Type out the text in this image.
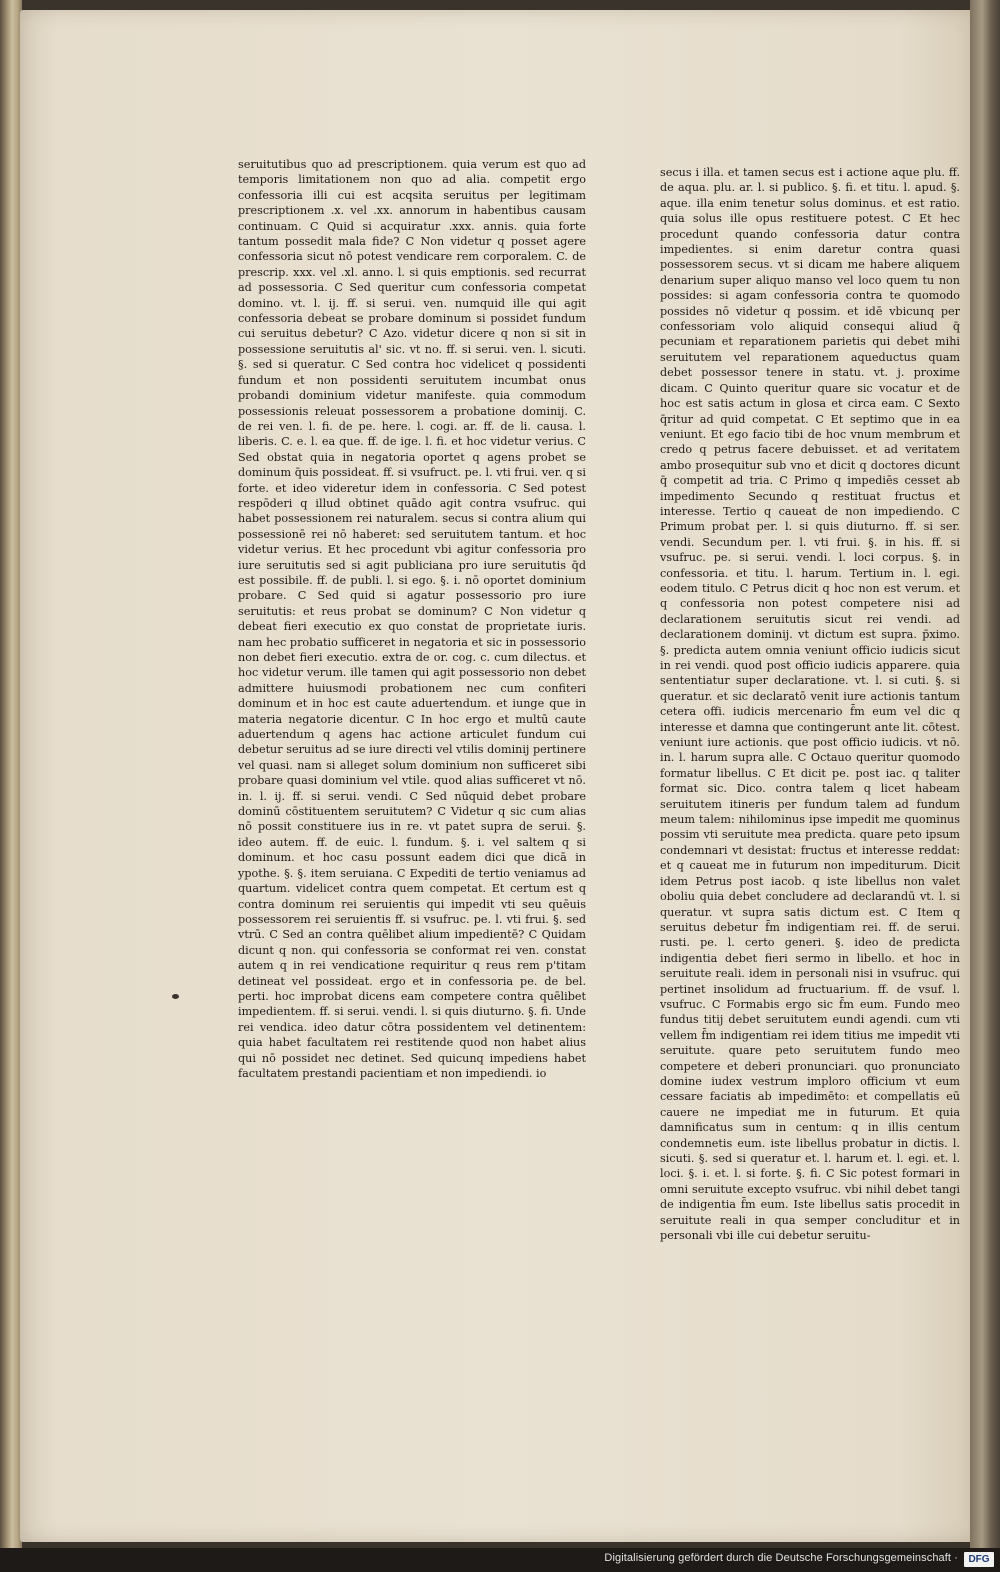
seruitutibus quo ad prescriptionem. quia verum est quo ad temporis limitationem non quo ad alia. competit ergo confessoria illi cui est acqsita seruitus per legitimam prescriptionem .x. vel .xx. annorum in habentibus causam continuam. C Quid si acquiratur .xxx. annis. quia forte tantum possedit mala fide? C Non videtur q posset agere confessoria sicut nō potest vendicare rem corporalem. C. de prescrip. xxx. vel .xl. anno. l. si quis emptionis. sed recurrat ad possessoria. C Sed queritur cum confessoria competat domino. vt. l. ij. ff. si serui. ven. numquid ille qui agit confessoria debeat se probare dominum si possidet fundum cui seruitus debetur? C Azo. videtur dicere q non si sit in possessione seruitutis al' sic. vt no. ff. si serui. ven. l. sicuti. §. sed si queratur. C Sed contra hoc videlicet q possidenti fundum et non possidenti seruitutem incumbat onus probandi dominium videtur manifeste. quia commodum possessionis releuat possessorem a probatione dominij. C. de rei ven. l. fi. de pe. here. l. cogi. ar. ff. de li. causa. l. liberis. C. e. l. ea que. ff. de ige. l. fi. et hoc videtur verius. C Sed obstat quia in negatoria oportet q agens probet se dominum q̄uis possideat. ff. si vsufruct. pe. l. vti frui. ver. q si forte. et ideo videretur idem in confessoria. C Sed potest respōderi q illud obtinet quādo agit contra vsufruc. qui habet possessionem rei naturalem. secus si contra alium qui possessionē rei nō haberet: sed seruitutem tantum. et hoc videtur verius. Et hec procedunt vbi agitur confessoria pro iure seruitutis sed si agit publiciana pro iure seruitutis q̄d est possibile. ff. de publi. l. si ego. §. i. nō oportet dominium probare. C Sed quid si agatur possessorio pro iure seruitutis: et reus probat se dominum? C Non videtur q debeat fieri executio ex quo constat de proprietate iuris. nam hec probatio sufficeret in negatoria et sic in possessorio non debet fieri executio. extra de or. cog. c. cum dilectus. et hoc videtur verum. ille tamen qui agit possessorio non debet admittere huiusmodi probationem nec cum confiteri dominum et in hoc est caute aduertendum. et iunge que in materia negatorie dicentur. C In hoc ergo et multū caute aduertendum q agens hac actione articulet fundum cui debetur seruitus ad se iure directi vel vtilis dominij pertinere vel quasi. nam si alleget solum dominium non sufficeret sibi probare quasi dominium vel vtile. quod alias sufficeret vt nō. in. l. ij. ff. si serui. vendi. C Sed nūquid debet probare dominū cōstituentem seruitutem? C Videtur q sic cum alias nō possit constituere ius in re. vt patet supra de serui. §. ideo autem. ff. de euic. l. fundum. §. i. vel saltem q si dominum. et hoc casu possunt eadem dici que dicā in ypothe. §. §. item seruiana. C Expediti de tertio veniamus ad quartum. videlicet contra quem competat. Et certum est q contra dominum rei seruientis qui impedit vti seu quēuis possessorem rei seruientis ff. si vsufruc. pe. l. vti frui. §. sed vtrū. C Sed an contra quēlibet alium impedientē? C Quidam dicunt q non. qui confessoria se conformat rei ven. constat autem q in rei vendicatione requiritur q reus rem p'titam detineat vel possideat. ergo et in confessoria pe. de bel. perti. hoc improbat dicens eam competere contra quēlibet impedientem. ff. si serui. vendi. l. si quis diuturno. §. fi. Unde rei vendica. ideo datur cōtra possidentem vel detinentem: quia habet facultatem rei restitende quod non habet alius qui nō possidet nec detinet. Sed quicunq impediens habet facultatem prestandi pacientiam et non impediendi. io
secus i illa. et tamen secus est i actione aque plu. ff. de aqua. plu. ar. l. si publico. §. fi. et titu. l. apud. §. aque. illa enim tenetur solus dominus. et est ratio. quia solus ille opus restituere potest. C Et hec procedunt quando confessoria datur contra impedientes. si enim daretur contra quasi possessorem secus. vt si dicam me habere aliquem denarium super aliquo manso vel loco quem tu non possides: si agam confessoria contra te quomodo possides nō videtur q possim. et idē vbicunq per confessoriam volo aliquid consequi aliud q̄ pecuniam et reparationem parietis qui debet mihi seruitutem vel reparationem aqueductus quam debet possessor tenere in statu. vt. j. proxime dicam. C Quinto queritur quare sic vocatur et de hoc est satis actum in glosa et circa eam. C Sexto q̄ritur ad quid competat. C Et septimo que in ea veniunt. Et ego facio tibi de hoc vnum membrum et credo q petrus facere debuisset. et ad veritatem ambo prosequitur sub vno et dicit q doctores dicunt q̄ competit ad tria. C Primo q impediēs cesset ab impedimento Secundo q restituat fructus et interesse. Tertio q caueat de non impediendo. C Primum probat per. l. si quis diuturno. ff. si ser. vendi. Secundum per. l. vti frui. §. in his. ff. si vsufruc. pe. si serui. vendi. l. loci corpus. §. in confessoria. et titu. l. harum. Tertium in. l. egi. eodem titulo. C Petrus dicit q hoc non est verum. et q confessoria non potest competere nisi ad declarationem seruitutis sicut rei vendi. ad declarationem dominij. vt dictum est supra. p̄ximo. §. predicta autem omnia veniunt officio iudicis sicut in rei vendi. quod post officio iudicis apparere. quia sententiatur super declaratione. vt. l. si cuti. §. si queratur. et sic declaratō venit iure actionis tantum cetera offi. iudicis mercenario f̄m eum vel dic q interesse et damna que contingerunt ante lit. cōtest. veniunt iure actionis. que post officio iudicis. vt nō. in. l. harum supra alle. C Octauo queritur quomodo formatur libellus. C Et dicit pe. post iac. q taliter format sic. Dico. contra talem q licet habeam seruitutem itineris per fundum talem ad fundum meum talem: nihilominus ipse impedit me quominus possim vti seruitute mea predicta. quare peto ipsum condemnari vt desistat: fructus et interesse reddat: et q caueat me in futurum non impediturum. Dicit idem Petrus post iacob. q iste libellus non valet oboliu quia debet concludere ad declarandū vt. l. si queratur. vt supra satis dictum est. C Item q seruitus debetur f̄m indigentiam rei. ff. de serui. rusti. pe. l. certo generi. §. ideo de predicta indigentia debet fieri sermo in libello. et hoc in seruitute reali. idem in personali nisi in vsufruc. qui pertinet insolidum ad fructuarium. ff. de vsuf. l. vsufruc. C Formabis ergo sic f̄m eum. Fundo meo fundus titij debet seruitutem eundi agendi. cum vti vellem f̄m indigentiam rei idem titius me impedit vti seruitute. quare peto seruitutem fundo meo competere et deberi pronunciari. quo pronunciato domine iudex vestrum imploro officium vt eum cessare faciatis ab impedimēto: et compellatis eū cauere ne impediat me in futurum. Et quia damnificatus sum in centum: q in illis centum condemnetis eum. iste libellus probatur in dictis. l. sicuti. §. sed si queratur et. l. harum et. l. egi. et. l. loci. §. i. et. l. si forte. §. fi. C Sic potest formari in omni seruitute excepto vsufruc. vbi nihil debet tangi de indigentia f̄m eum. Iste libellus satis procedit in seruitute reali in qua semper concluditur et in personali vbi ille cui debetur seruitu-
Digitalisierung gefördert durch die Deutsche Forschungsgemeinschaft ·	DFG
